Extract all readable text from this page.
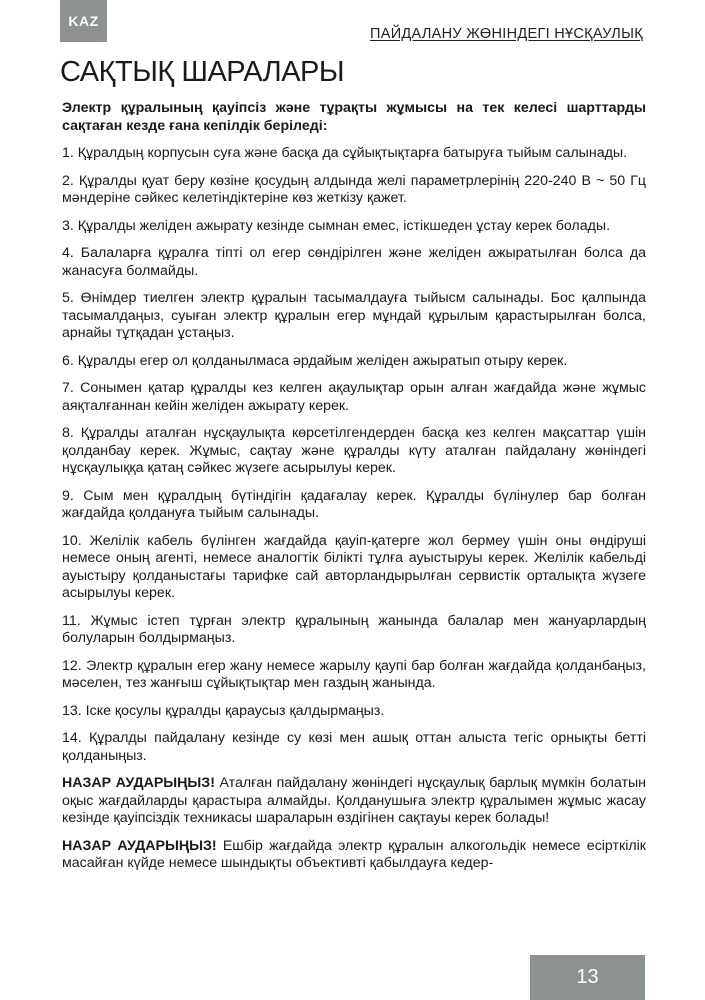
KAZ
ПАЙДАЛАНУ ЖӨНІНДЕГІ НҰСҚАУЛЫҚ
САҚТЫҚ ШАРАЛАРЫ

Электр құралының қауіпсіз және тұрақты жұмысы на тек келесі шарттарды сақтаған кезде ғана кепілдік беріледі:

1. Құралдың корпусын суға және басқа да сұйықтықтарға батыруға тыйым салынады.

2. Құралды қуат беру көзіне қосудың алдында желі параметрлерінің 220-240 В ~ 50 Гц мәндеріне сәйкес келетіндіктеріне көз жеткізу қажет.

3. Құралды желіден ажырату кезінде сымнан емес, істікшеден ұстау керек болады.

4. Балаларға құралға тіпті ол егер сөндірілген және желіден ажыратылған болса да жанасуға болмайды.

5. Өнімдер тиелген электр құралын тасымалдауға тыйысм салынады. Бос қалпында тасымалдаңыз, суыған электр құралын егер мұндай құрылым қарастырылған болса, арнайы тұтқадан ұстаңыз.

6. Құралды егер ол қолданылмаса әрдайым желіден ажыратып отыру керек.

7. Сонымен қатар құралды кез келген ақаулықтар орын алған жағдайда және жұмыс аяқталғаннан кейін желіден ажырату керек.

8. Құралды аталған нұсқаулықта көрсетілгендерден басқа кез келген мақсаттар үшін қолданбау керек. Жұмыс, сақтау және құралды күту аталған пайдалану жөніндегі нұсқаулыққа қатаң сәйкес жүзеге асырылуы керек.

9. Сым мен құралдың бүтіндігін қадағалау керек. Құралды бүлінулер бар болған жағдайда қолдануға тыйым салынады.

10. Желілік кабель бүлінген жағдайда қауіп-қатерге жол бермеу үшін оны өндіруші немесе оның агенті, немесе аналогтік білікті тұлға ауыстыруы керек. Желілік кабельді ауыстыру қолданыстағы тарифке сай авторландырылған сервистік орталықта жүзеге асырылуы керек.

11. Жұмыс істеп тұрған электр құралының жанында балалар мен жануарлардың болуларын болдырмаңыз.

12. Электр құралын егер жану немесе жарылу қаупі бар болған жағдайда қолданбаңыз, мәселен, тез жанғыш сұйықтықтар мен газдың жанында.

13. Іске қосулы құралды қараусыз қалдырмаңыз.

14. Құралды пайдалану кезінде су көзі мен ашық оттан алыста тегіс орнықты бетті қолданыңыз.

НАЗАР АУДАРЫҢЫЗ! Аталған пайдалану жөніндегі нұсқаулық барлық мүмкін болатын оқыс жағдайларды қарастыра алмайды. Қолданушыға электр құралымен жұмыс жасау кезінде қауіпсіздік техникасы шараларын өздігінен сақтауы керек болады!

НАЗАР АУДАРЫҢЫЗ! Ешбір жағдайда электр құралын алкогольдік немесе есірткілік масайған күйде немесе шындықты объективті қабылдауға кедер-

13
